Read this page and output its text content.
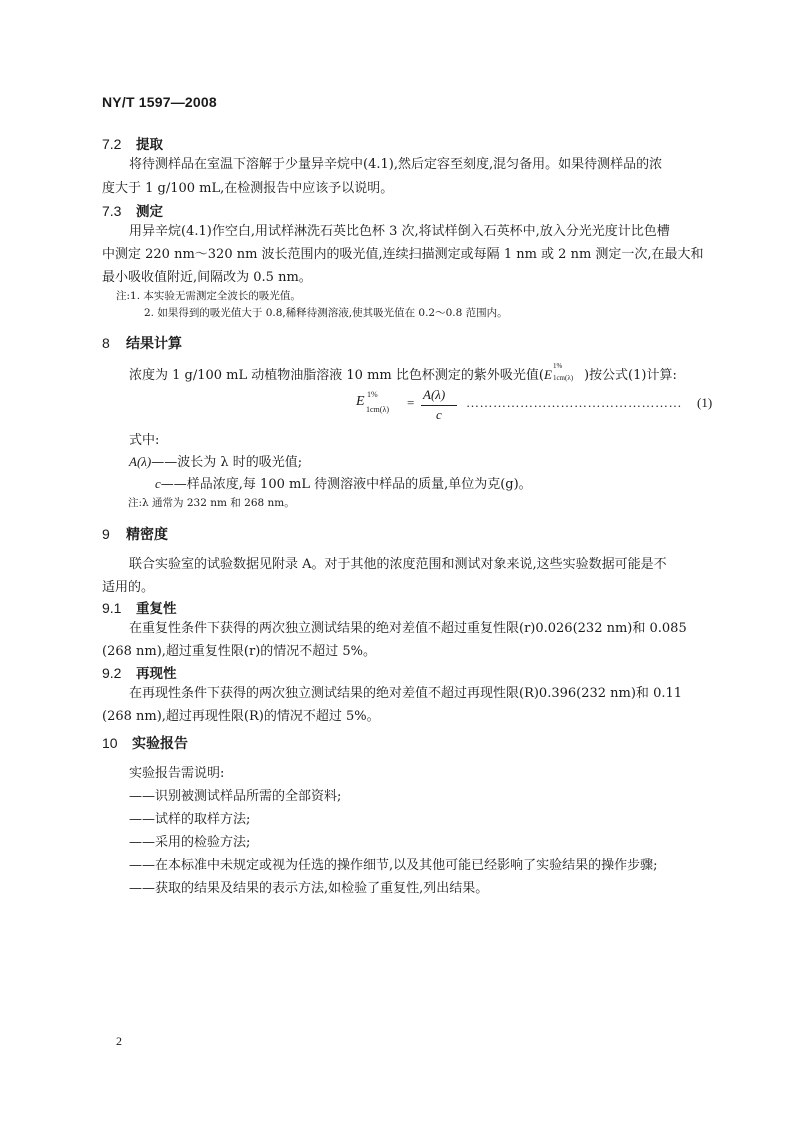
NY/T 1597—2008
7.2 提取
将待测样品在室温下溶解于少量异辛烷中(4.1),然后定容至刻度,混匀备用。如果待测样品的浓
度大于 1 g/100 mL,在检测报告中应该予以说明。
7.3 测定
用异辛烷(4.1)作空白,用试样淋洗石英比色杯 3 次,将试样倒入石英杯中,放入分光光度计比色槽
中测定 220 nm～320 nm 波长范围内的吸光值,连续扫描测定或每隔 1 nm 或 2 nm 测定一次,在最大和
最小吸收值附近,间隔改为 0.5 nm。
注:1. 本实验无需测定全波长的吸光值。
2. 如果得到的吸光值大于 0.8,稀释待测溶液,使其吸光值在 0.2～0.8 范围内。
8 结果计算
浓度为 1 g/100 mL 动植物油脂溶液 10 mm 比色杯测定的紫外吸光值(E
1%
1cm(λ) )按公式(1)计算:
E 1%
1cm(λ) =
A(λ)
c
………………………………………… (1)
式中:
A(λ)——波长为 λ 时的吸光值;
c——样品浓度,每 100 mL 待测溶液中样品的质量,单位为克(g)。
注:λ 通常为 232 nm 和 268 nm。
9 精密度
联合实验室的试验数据见附录 A。对于其他的浓度范围和测试对象来说,这些实验数据可能是不
适用的。
9.1 重复性
在重复性条件下获得的两次独立测试结果的绝对差值不超过重复性限(r)0.026(232 nm)和 0.085
(268 nm),超过重复性限(r)的情况不超过 5%。
9.2 再现性
在再现性条件下获得的两次独立测试结果的绝对差值不超过再现性限(R)0.396(232 nm)和 0.11
(268 nm),超过再现性限(R)的情况不超过 5%。
10 实验报告
实验报告需说明:
——识别被测试样品所需的全部资料;
——试样的取样方法;
——采用的检验方法;
——在本标准中未规定或视为任选的操作细节,以及其他可能已经影响了实验结果的操作步骤;
——获取的结果及结果的表示方法,如检验了重复性,列出结果。
2
